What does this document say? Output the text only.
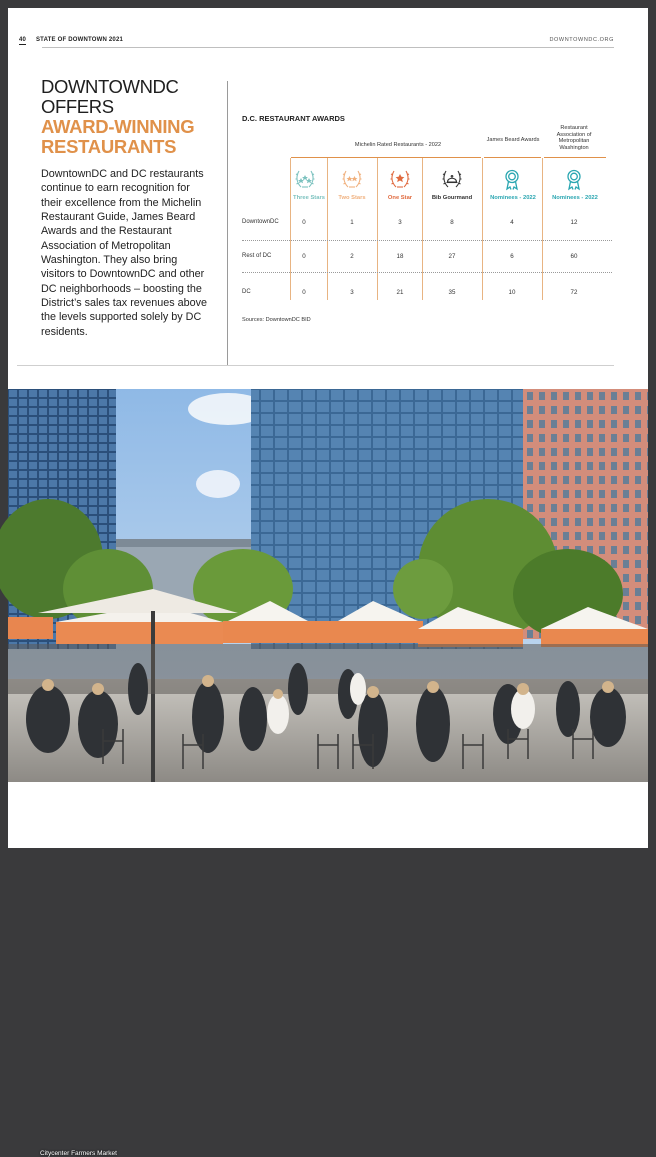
40 STATE OF DOWNTOWN 2021	DOWNTOWNDC.ORG
DOWNTOWNDC
OFFERS
AWARD-WINNING
RESTAURANTS
DowntownDC and DC restaurants continue to earn recognition for their excellence from the Michelin Restaurant Guide, James Beard Awards and the Restaurant Association of Metropolitan Washington. They also bring visitors to DowntownDC and other DC neighborhoods – boosting the District’s sales tax revenues above the levels supported solely by DC residents.
D.C. RESTAURANT AWARDS
Michelin Rated Restaurants - 2022
James Beard Awards
Restaurant Association of Metropolitan Washington
Three Stars	Two Stars	One Star	Bib Gourmand	Nominees - 2022	Nominees - 2022
DowntownDC	0	1	3	8	4	12
Rest of DC	0	2	18	27	6	60
DC	0	3	21	35	10	72
Sources: DowntownDC BID
Citycenter Farmers Market
